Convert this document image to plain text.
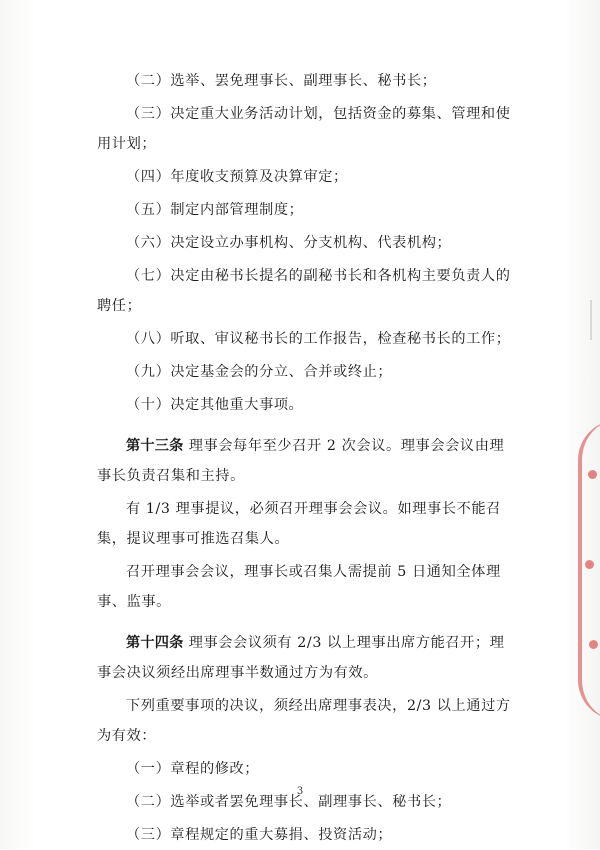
（二）选举、罢免理事长、副理事长、秘书长；

（三）决定重大业务活动计划，包括资金的募集、管理和使用计划；

（四）年度收支预算及决算审定；

（五）制定内部管理制度；

（六）决定设立办事机构、分支机构、代表机构；

（七）决定由秘书长提名的副秘书长和各机构主要负责人的聘任；

（八）听取、审议秘书长的工作报告，检查秘书长的工作；

（九）决定基金会的分立、合并或终止；

（十）决定其他重大事项。

第十三条 理事会每年至少召开 2 次会议。理事会会议由理事长负责召集和主持。

有 1/3 理事提议，必须召开理事会会议。如理事长不能召集，提议理事可推选召集人。

召开理事会会议，理事长或召集人需提前 5 日通知全体理事、监事。

第十四条 理事会会议须有 2/3 以上理事出席方能召开；理事会决议须经出席理事半数通过方为有效。

下列重要事项的决议，须经出席理事表决，2/3 以上通过方为有效：

（一）章程的修改；

（二）选举或者罢免理事长、副理事长、秘书长；

（三）章程规定的重大募捐、投资活动；

3
